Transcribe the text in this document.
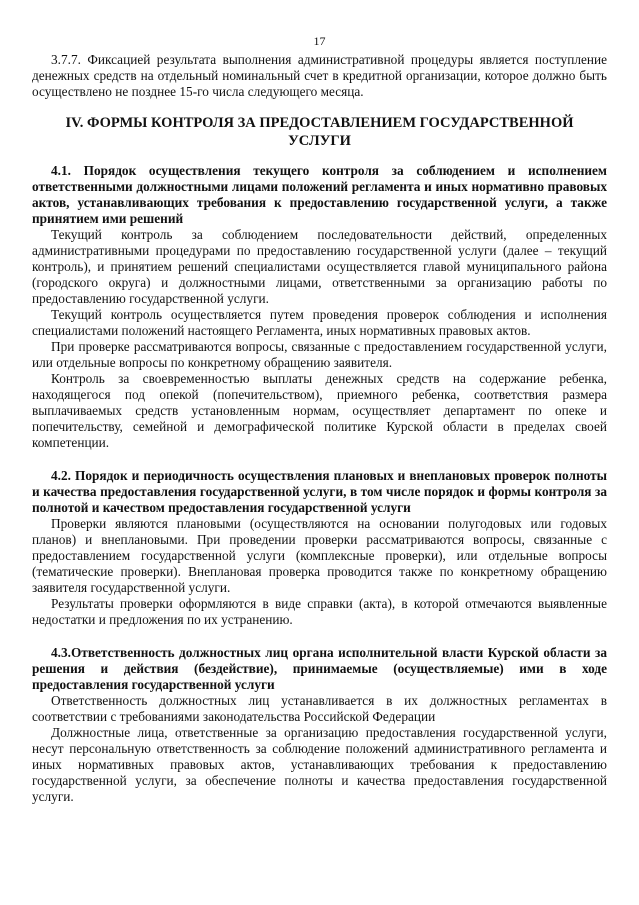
17

3.7.7. Фиксацией результата выполнения административной процедуры является поступление денежных средств на отдельный номинальный счет в кредитной организации, которое должно быть осуществлено не позднее 15-го числа следующего месяца.

IV. ФОРМЫ КОНТРОЛЯ ЗА ПРЕДОСТАВЛЕНИЕМ ГОСУДАРСТВЕННОЙ УСЛУГИ

4.1. Порядок осуществления текущего контроля за соблюдением и исполнением ответственными должностными лицами положений регламента и иных нормативно правовых актов, устанавливающих требования к предоставлению государственной услуги, а также принятием ими решений

Текущий контроль за соблюдением последовательности действий, определенных административными процедурами по предоставлению государственной услуги (далее – текущий контроль), и принятием решений специалистами осуществляется главой муниципального района (городского округа) и должностными лицами, ответственными за организацию работы по предоставлению государственной услуги.

Текущий контроль осуществляется путем проведения проверок соблюдения и исполнения специалистами положений настоящего Регламента, иных нормативных правовых актов.

При проверке рассматриваются вопросы, связанные с предоставлением государственной услуги, или отдельные вопросы по конкретному обращению заявителя.

Контроль за своевременностью выплаты денежных средств на содержание ребенка, находящегося под опекой (попечительством), приемного ребенка, соответствия размера выплачиваемых средств установленным нормам, осуществляет департамент по опеке и попечительству, семейной и демографической политике Курской области в пределах своей компетенции.

4.2. Порядок и периодичность осуществления плановых и внеплановых проверок полноты и качества предоставления государственной услуги, в том числе порядок и формы контроля за полнотой и качеством предоставления государственной услуги

Проверки являются плановыми (осуществляются на основании полугодовых или годовых планов) и внеплановыми. При проведении проверки рассматриваются вопросы, связанные с предоставлением государственной услуги (комплексные проверки), или отдельные вопросы (тематические проверки). Внеплановая проверка проводится также по конкретному обращению заявителя государственной услуги.

Результаты проверки оформляются в виде справки (акта), в которой отмечаются выявленные недостатки и предложения по их устранению.

4.3.Ответственность должностных лиц органа исполнительной власти Курской области за решения и действия (бездействие), принимаемые (осуществляемые) ими в ходе предоставления государственной услуги

Ответственность должностных лиц устанавливается в их должностных регламентах в соответствии с требованиями законодательства Российской Федерации

Должностные лица, ответственные за организацию предоставления государственной услуги, несут персональную ответственность за соблюдение положений административного регламента и иных нормативных правовых актов, устанавливающих требования к предоставлению государственной услуги, за обеспечение полноты и качества предоставления государственной услуги.
